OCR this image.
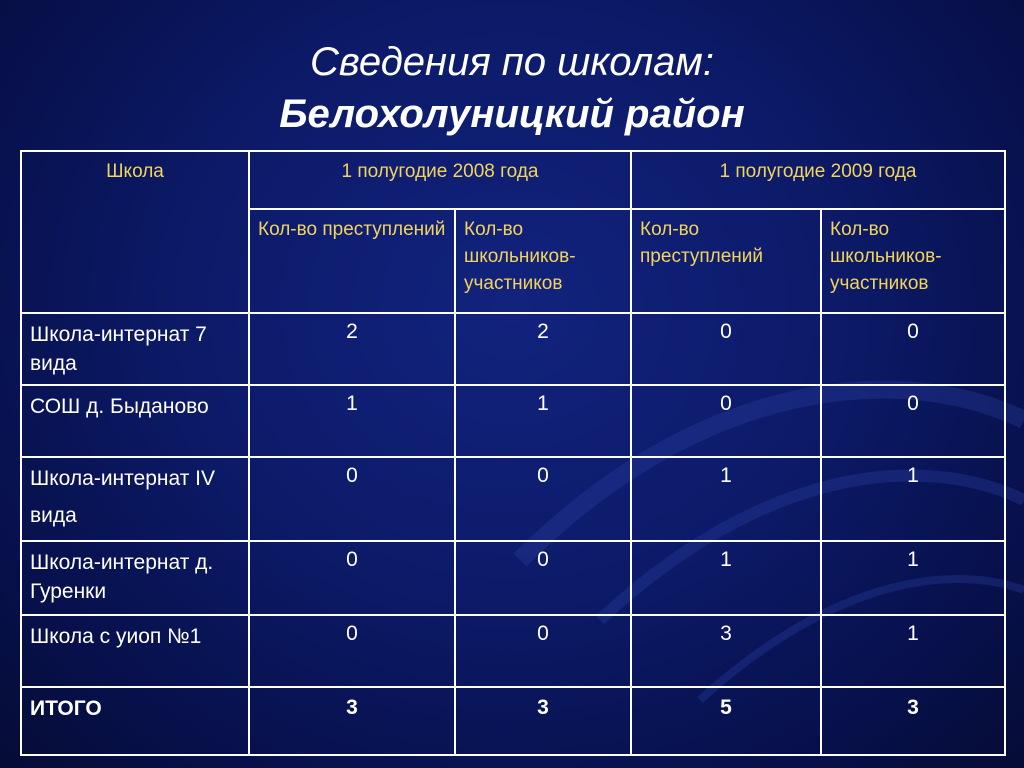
Сведения по школам:
Белохолуницкий район
Школа	1 полугодие 2008 года		1 полугодие 2009 года	
	Кол-во преступлений	Кол-во школьников-участников	Кол-во преступлений	Кол-во школьников-участников
Школа-интернат 7 вида	2	2	0	0
СОШ д. Быданово	1	1	0	0
Школа-интернат IV вида	0	0	1	1
Школа-интернат д. Гуренки	0	0	1	1
Школа с уиоп №1	0	0	3	1
ИТОГО	3	3	5	3
